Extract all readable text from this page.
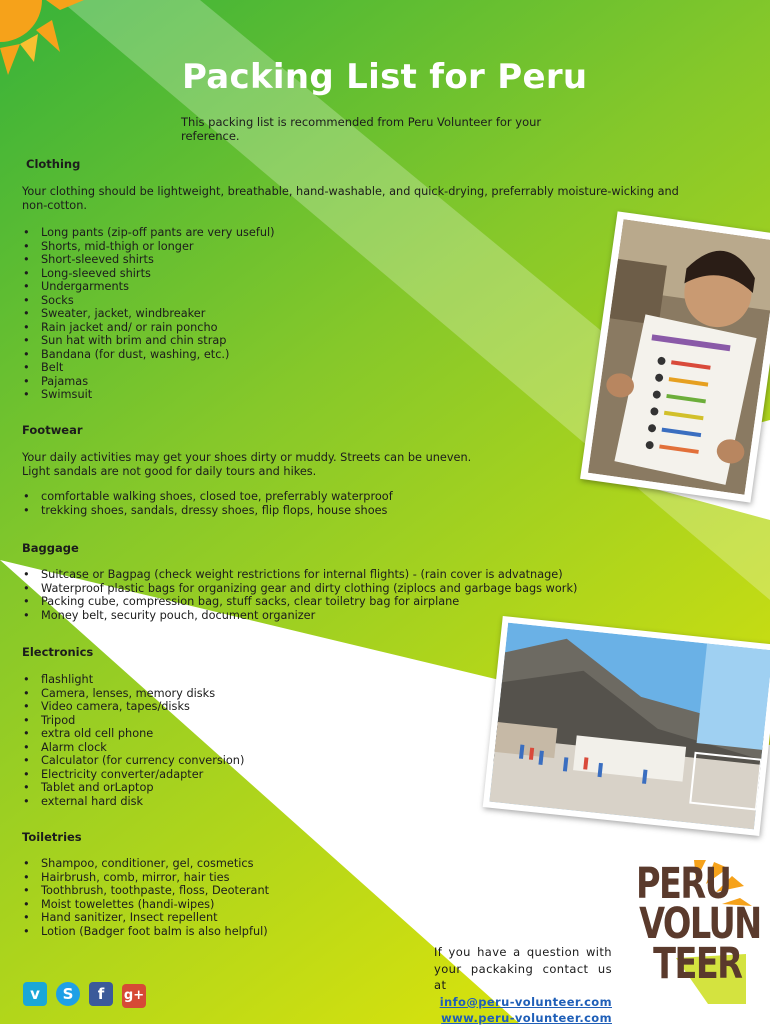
Packing List for Peru
This packing list is recommended from Peru Volunteer for your reference.
Clothing
Your clothing should be lightweight, breathable, hand-washable, and quick-drying, preferrably moisture-wicking and non-cotton.
• Long pants (zip-off pants are very useful)
• Shorts, mid-thigh or longer
• Short-sleeved shirts
• Long-sleeved shirts
• Undergarments
• Socks
• Sweater, jacket, windbreaker
• Rain jacket and/ or rain poncho
• Sun hat with brim and chin strap
• Bandana (for dust, washing, etc.)
• Belt
• Pajamas
• Swimsuit
Footwear
Your daily activities may get your shoes dirty or muddy. Streets can be uneven. Light sandals are not good for daily tours and hikes.
• comfortable walking shoes, closed toe, preferrably waterproof
• trekking shoes, sandals, dressy shoes, flip flops, house shoes
Baggage
• Suitcase or Bagpag (check weight restrictions for internal flights) - (rain cover is advatnage)
• Waterproof plastic bags for organizing gear and dirty clothing (ziplocs and garbage bags work)
• Packing cube, compression bag, stuff sacks, clear toiletry bag for airplane
• Money belt, security pouch, document organizer
Electronics
• flashlight
• Camera, lenses, memory disks
• Video camera, tapes/disks
• Tripod
• extra old cell phone
• Alarm clock
• Calculator (for currency conversion)
• Electricity converter/adapter
• Tablet and orLaptop
• external hard disk
Toiletries
• Shampoo, conditioner, gel, cosmetics
• Hairbrush, comb, mirror, hair ties
• Toothbrush, toothpaste, floss, Deoterant
• Moist towelettes (handi-wipes)
• Hand sanitizer, Insect repellent
• Lotion (Badger foot balm is also helpful)
If you have a question with your packaking contact us at
info@peru-volunteer.com
www.peru-volunteer.com
v S f g+
PERU
VOLUN
TEER
